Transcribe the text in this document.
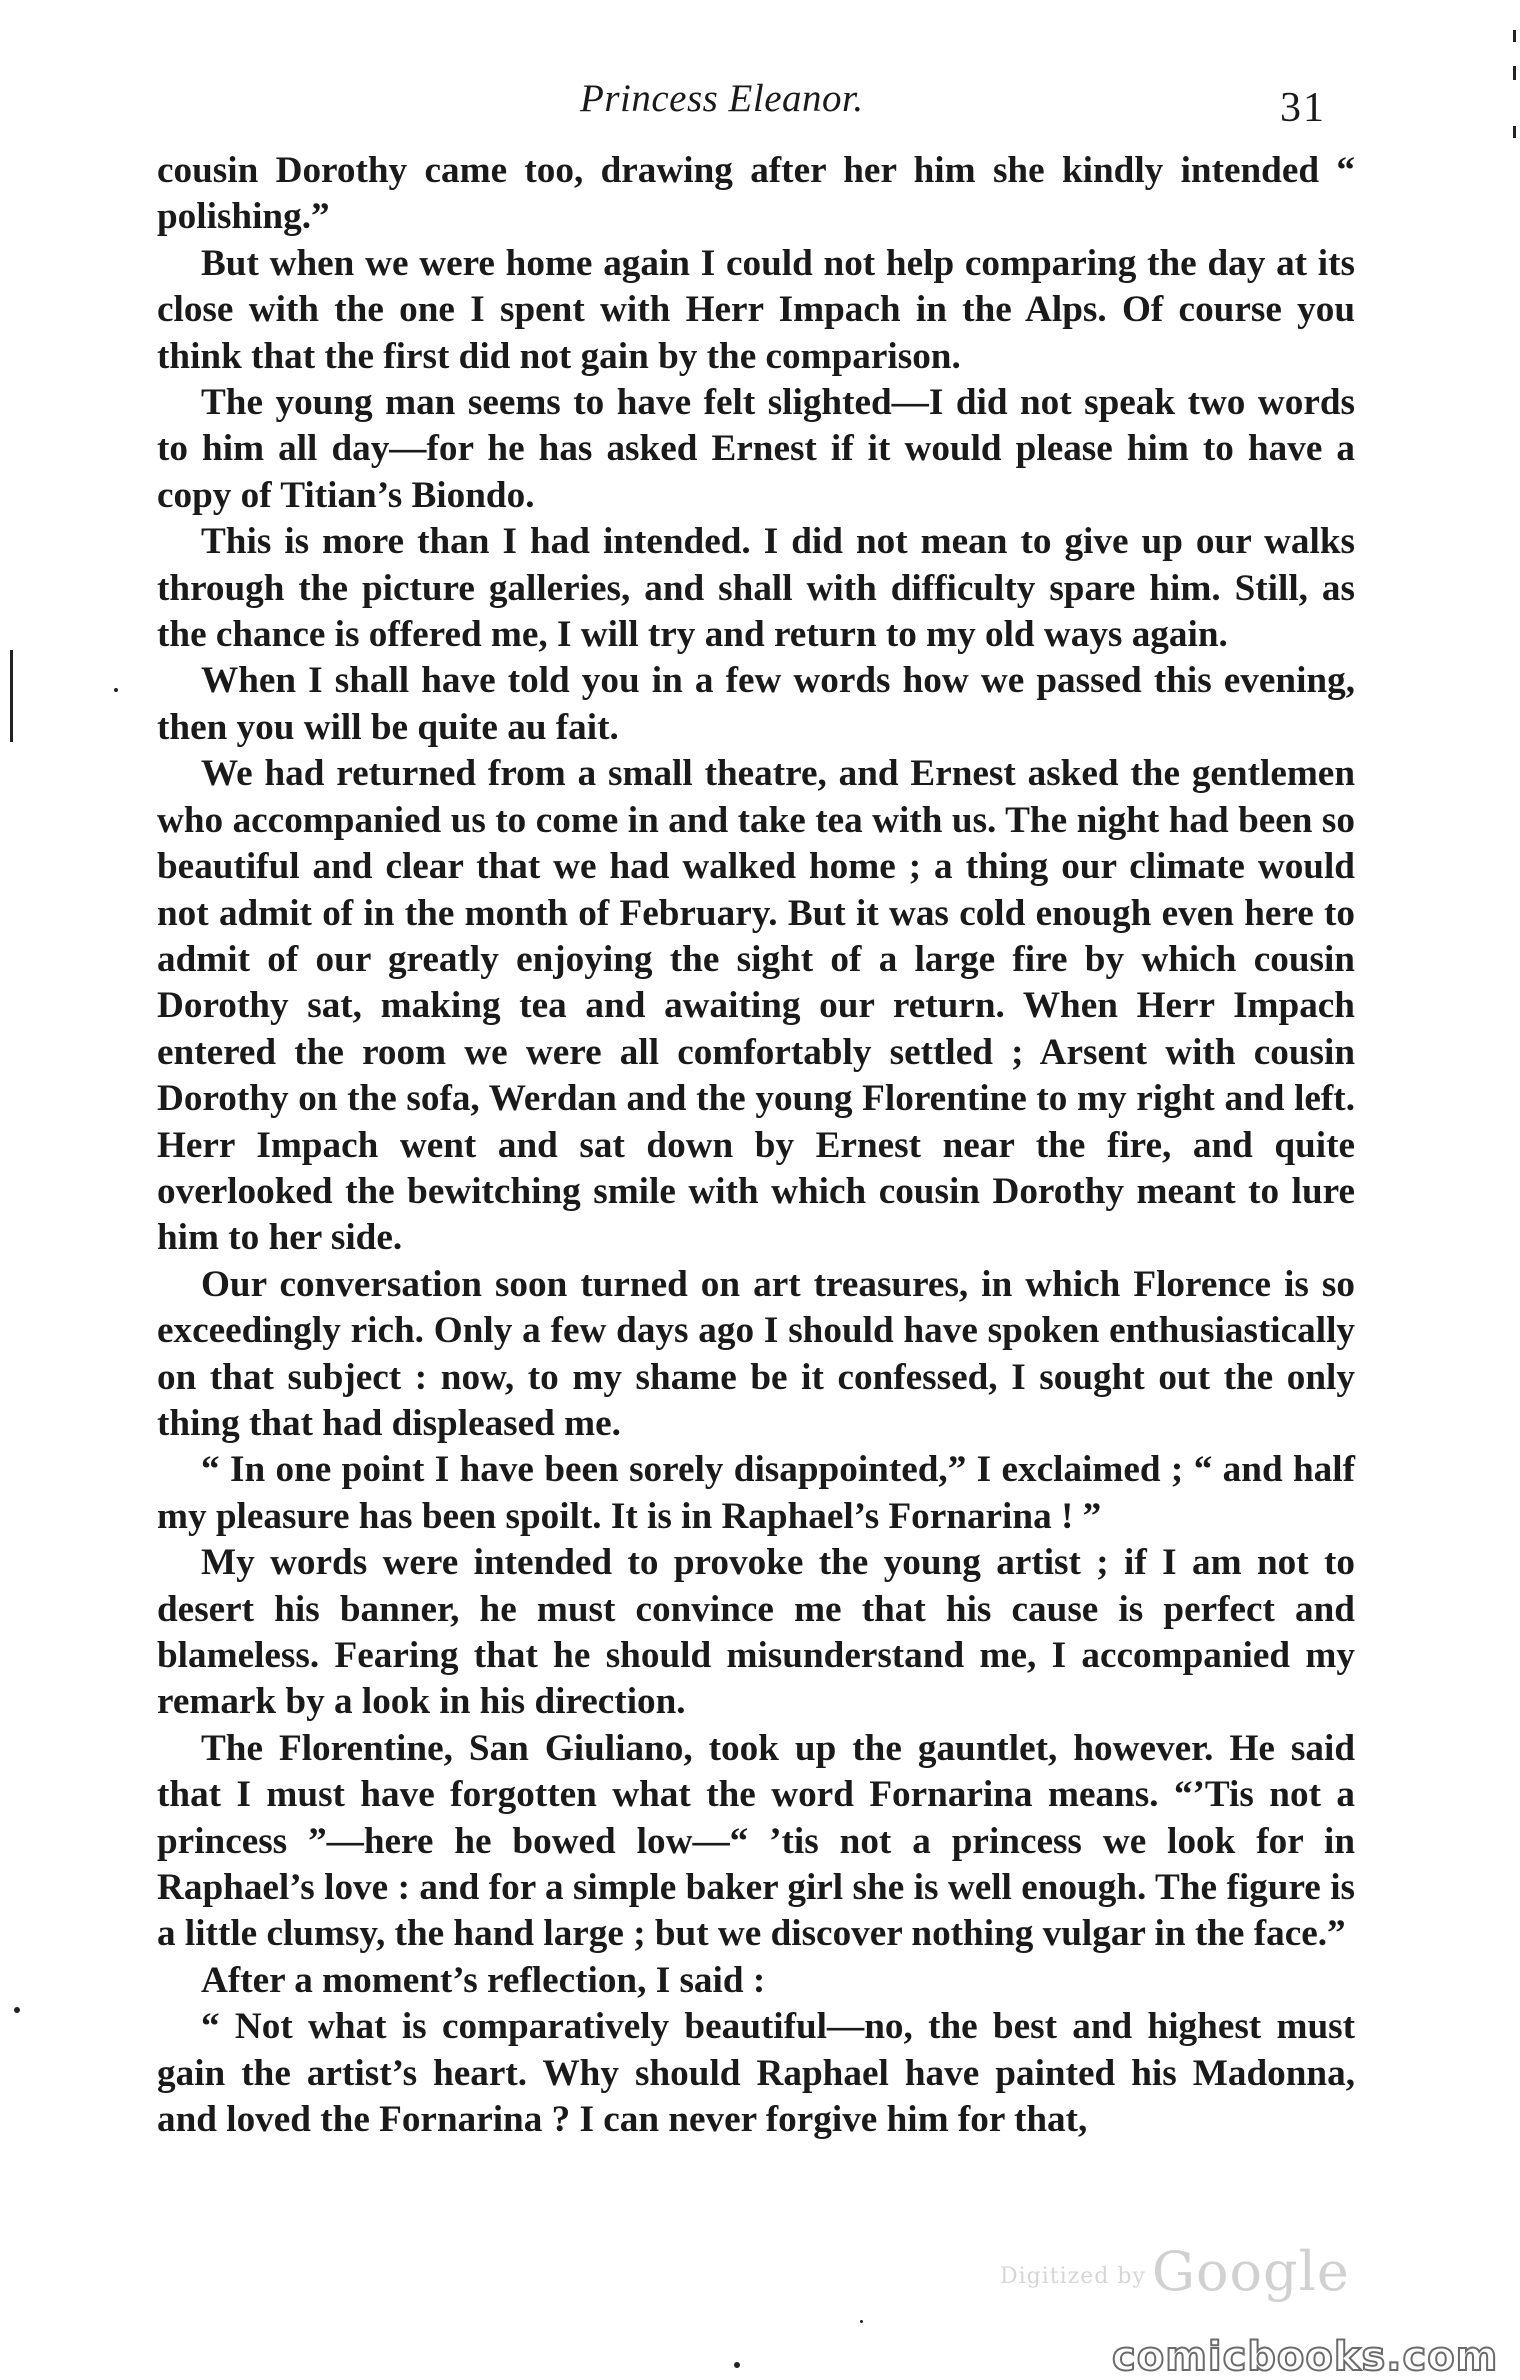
Princess Eleanor.	31

cousin Dorothy came too, drawing after her him she kindly intended “ polishing.”

But when we were home again I could not help comparing the day at its close with the one I spent with Herr Impach in the Alps. Of course you think that the first did not gain by the comparison.

The young man seems to have felt slighted—I did not speak two words to him all day—for he has asked Ernest if it would please him to have a copy of Titian’s Biondo.

This is more than I had intended. I did not mean to give up our walks through the picture galleries, and shall with difficulty spare him. Still, as the chance is offered me, I will try and return to my old ways again.

When I shall have told you in a few words how we passed this evening, then you will be quite au fait.

We had returned from a small theatre, and Ernest asked the gentlemen who accompanied us to come in and take tea with us. The night had been so beautiful and clear that we had walked home ; a thing our climate would not admit of in the month of February. But it was cold enough even here to admit of our greatly enjoying the sight of a large fire by which cousin Dorothy sat, making tea and awaiting our return. When Herr Impach entered the room we were all comfortably settled ; Arsent with cousin Dorothy on the sofa, Werdan and the young Florentine to my right and left. Herr Impach went and sat down by Ernest near the fire, and quite overlooked the bewitching smile with which cousin Dorothy meant to lure him to her side.

Our conversation soon turned on art treasures, in which Florence is so exceedingly rich. Only a few days ago I should have spoken enthusiastically on that subject : now, to my shame be it confessed, I sought out the only thing that had displeased me.

“ In one point I have been sorely disappointed,” I exclaimed ; “ and half my pleasure has been spoilt. It is in Raphael’s Fornarina ! ”

My words were intended to provoke the young artist ; if I am not to desert his banner, he must convince me that his cause is perfect and blameless. Fearing that he should misunderstand me, I accompanied my remark by a look in his direction.

The Florentine, San Giuliano, took up the gauntlet, however. He said that I must have forgotten what the word Fornarina means. “’Tis not a princess ”—here he bowed low—“ ’tis not a princess we look for in Raphael’s love : and for a simple baker girl she is well enough. The figure is a little clumsy, the hand large ; but we discover nothing vulgar in the face.”

After a moment’s reflection, I said :

“ Not what is comparatively beautiful—no, the best and highest must gain the artist’s heart. Why should Raphael have painted his Madonna, and loved the Fornarina ? I can never forgive him for that,

Digitized by Google
comicbooks.com
